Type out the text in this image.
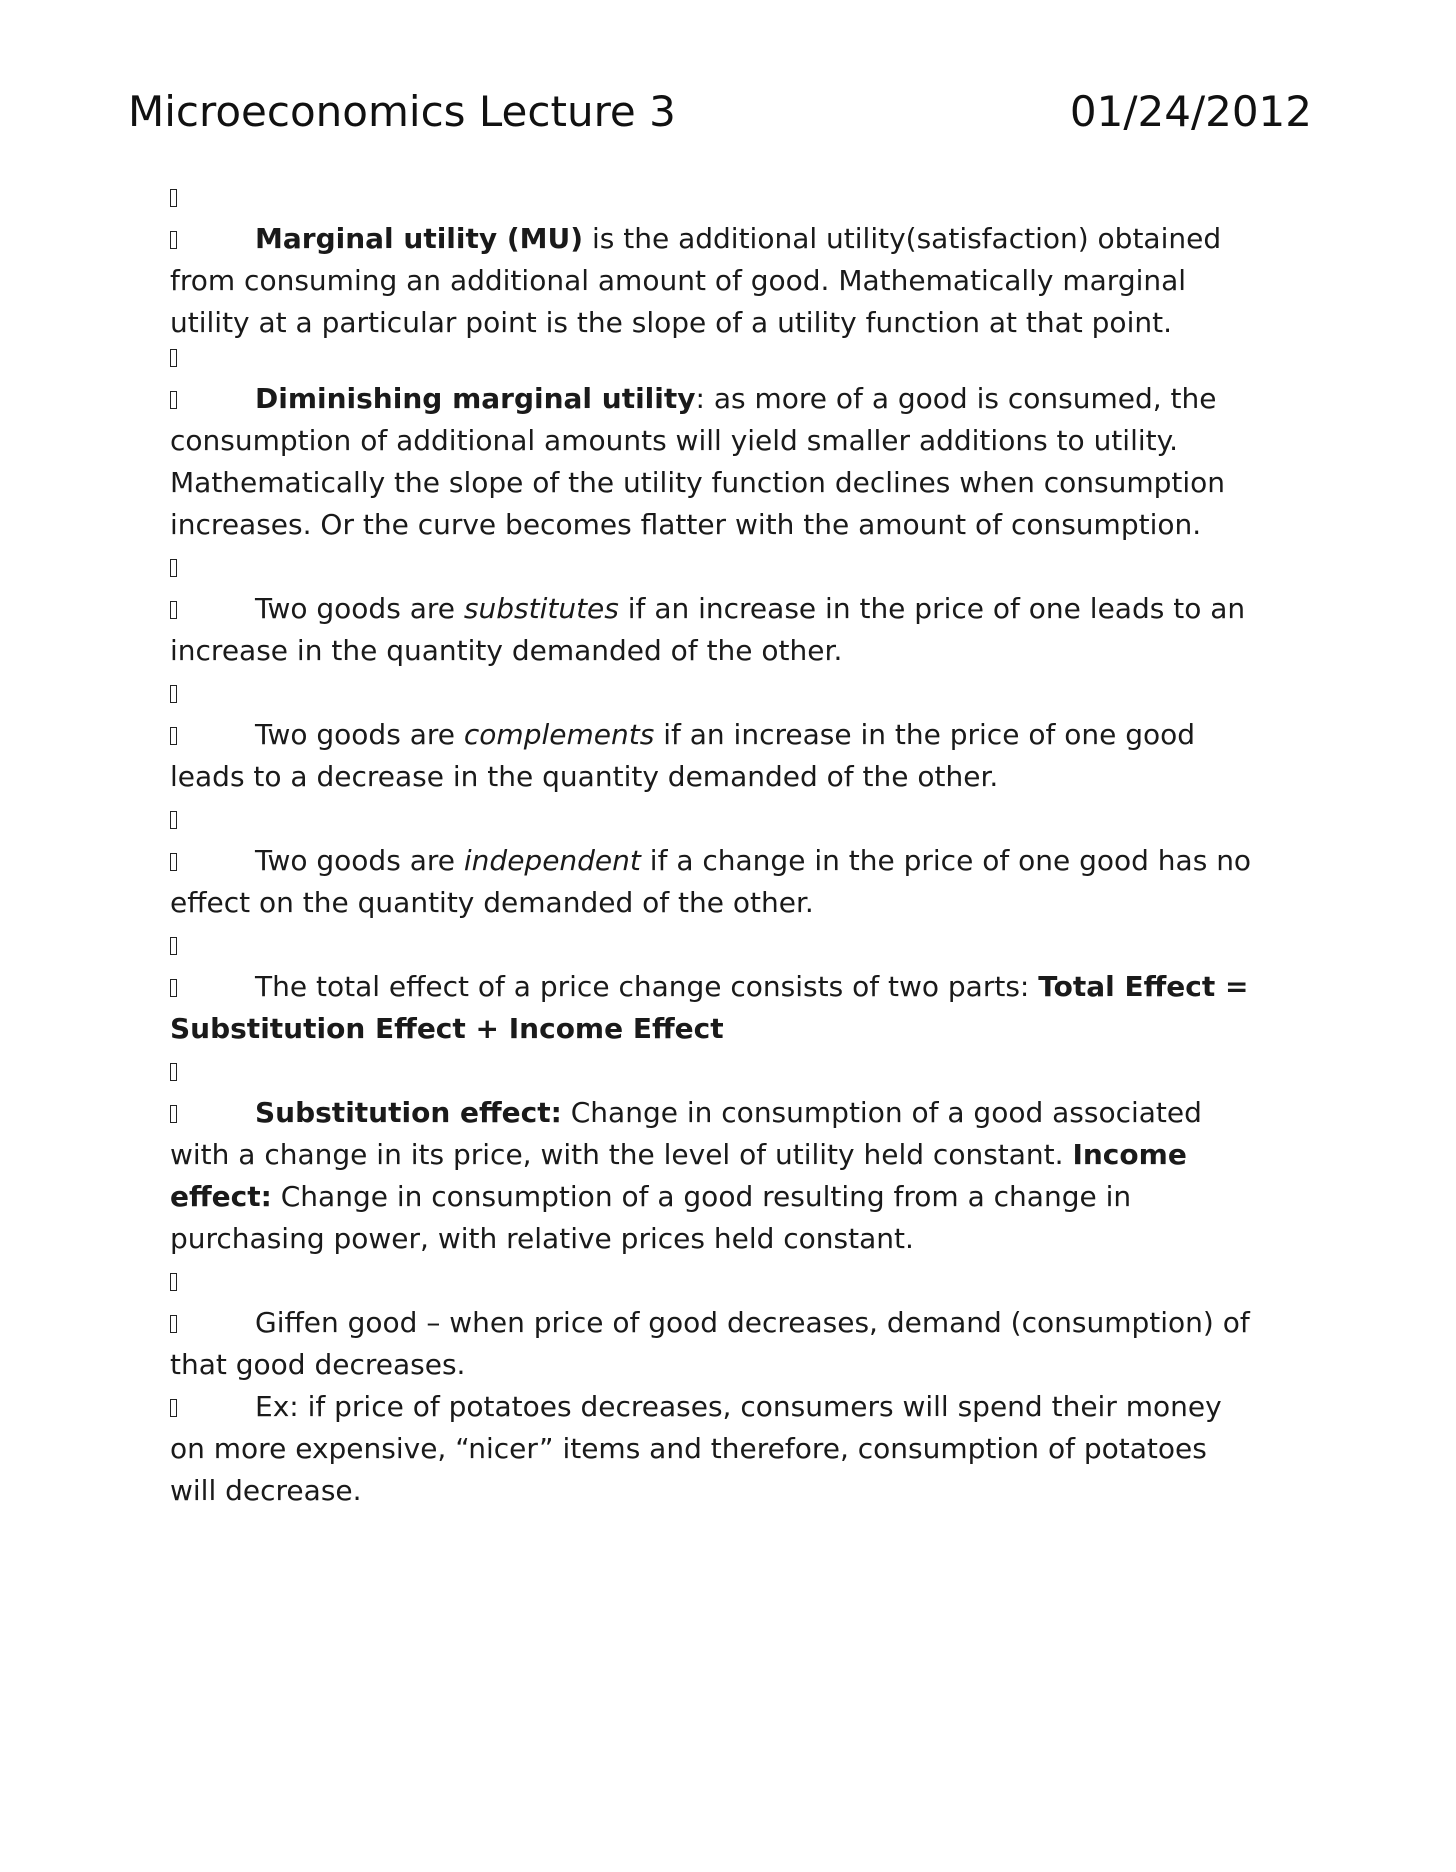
Microeconomics Lecture 3	01/24/2012
Marginal utility (MU) is the additional utility(satisfaction) obtained
from consuming an additional amount of good. Mathematically marginal
utility at a particular point is the slope of a utility function at that point.
Diminishing marginal utility: as more of a good is consumed, the
consumption of additional amounts will yield smaller additions to utility.
Mathematically the slope of the utility function declines when consumption
increases. Or the curve becomes flatter with the amount of consumption.
Two goods are substitutes if an increase in the price of one leads to an
increase in the quantity demanded of the other.
Two goods are complements if an increase in the price of one good
leads to a decrease in the quantity demanded of the other.
Two goods are independent if a change in the price of one good has no
effect on the quantity demanded of the other.
The total effect of a price change consists of two parts: Total Effect =
Substitution Effect + Income Effect
Substitution effect: Change in consumption of a good associated
with a change in its price, with the level of utility held constant. Income
effect: Change in consumption of a good resulting from a change in
purchasing power, with relative prices held constant.
Giffen good – when price of good decreases, demand (consumption) of
that good decreases.
Ex: if price of potatoes decreases, consumers will spend their money
on more expensive, “nicer” items and therefore, consumption of potatoes
will decrease.
